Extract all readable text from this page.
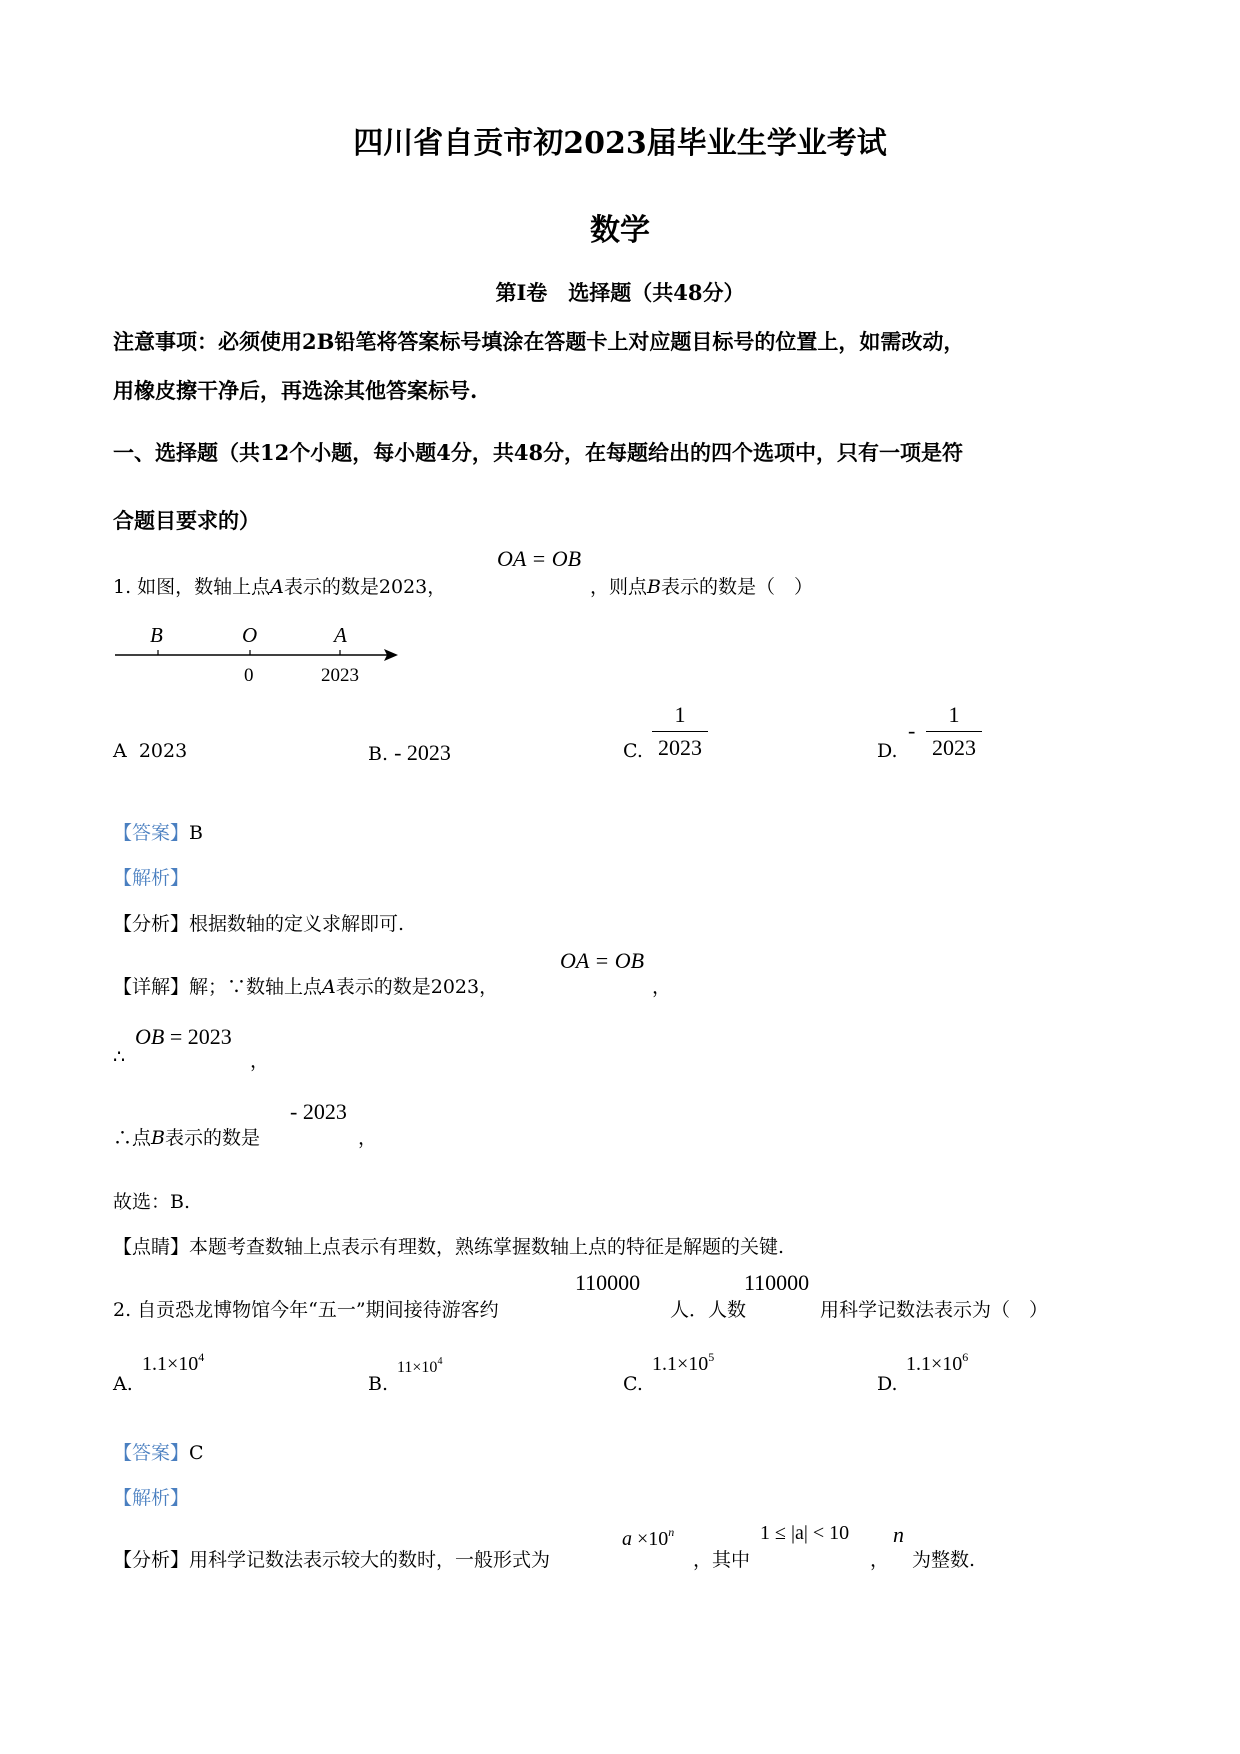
四川省自贡市初2023届毕业生学业考试
数学
第Ⅰ卷　选择题（共48分）
注意事项：必须使用2B铅笔将答案标号填涂在答题卡上对应题目标号的位置上，如需改动，
用橡皮擦干净后，再选涂其他答案标号.
一、选择题（共12个小题，每小题4分，共48分，在每题给出的四个选项中，只有一项是符
合题目要求的）
1. 如图，数轴上点A表示的数是2023，
OA = OB
，则点B表示的数是（　）
B	O	A
0	2023
A 2023	B. - 2023	C.
1
2023	D.
-
1
2023
【答案】B
【解析】
【分析】根据数轴的定义求解即可.
【详解】解；∵数轴上点A表示的数是2023，
OA = OB
，
∴
OB = 2023
，
∴点B表示的数是
- 2023
，
故选：B.
【点睛】本题考查数轴上点表示有理数，熟练掌握数轴上点的特征是解题的关键.
2. 自贡恐龙博物馆今年“五一”期间接待游客约
110000
人．人数
110000
用科学记数法表示为（　）
A.
$1.1\times 10^4$
B.
$11\times 10^4$
C.
$1.1\times 10^5$
D.
$1.1\times 10^6$
【答案】C
【解析】
【分析】用科学记数法表示较大的数时，一般形式为
$a \times 10^n$
，其中
1 ≤ |a| < 10
，
n
为整数.
